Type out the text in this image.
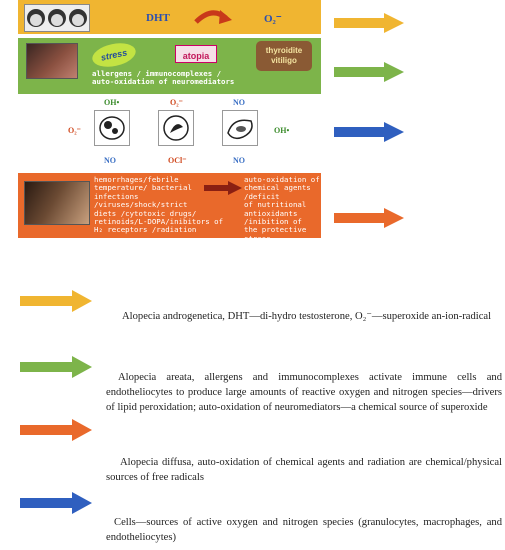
DHT	O₂⁻
stress	atopia
thyroidite
vitiligo
allergens / immunocomplexes /
auto-oxidation of neuromediators
OH•	O₂⁻	NO
O₂⁻	OH•
NO	OCl⁻	NO
hemorrhages/febrile
temperature/ bacterial
infections /viruses/shock/strict
diets /cytotoxic drugs/
retinoids/L-DOPA/inibitors of
H₂ receptors /radiation
auto-oxidation of
chemical agents /deficit
of nutritional
antioxidants /inibition of
the protective stress
protein induction
Alopecia androgenetica, DHT—di-hydro testosterone, O₂⁻—superoxide an-ion-radical
Alopecia areata, allergens and immunocomplexes activate immune cells and endotheliocytes to produce large amounts of reactive oxygen and nitrogen species—drivers of lipid peroxidation; auto-oxidation of neuromediators—a chemical source of superoxide
Alopecia diffusa, auto-oxidation of chemical agents and radiation are chemical/physical sources of free radicals
Cells—sources of active oxygen and nitrogen species (granulocytes, macrophages, and endotheliocytes)
